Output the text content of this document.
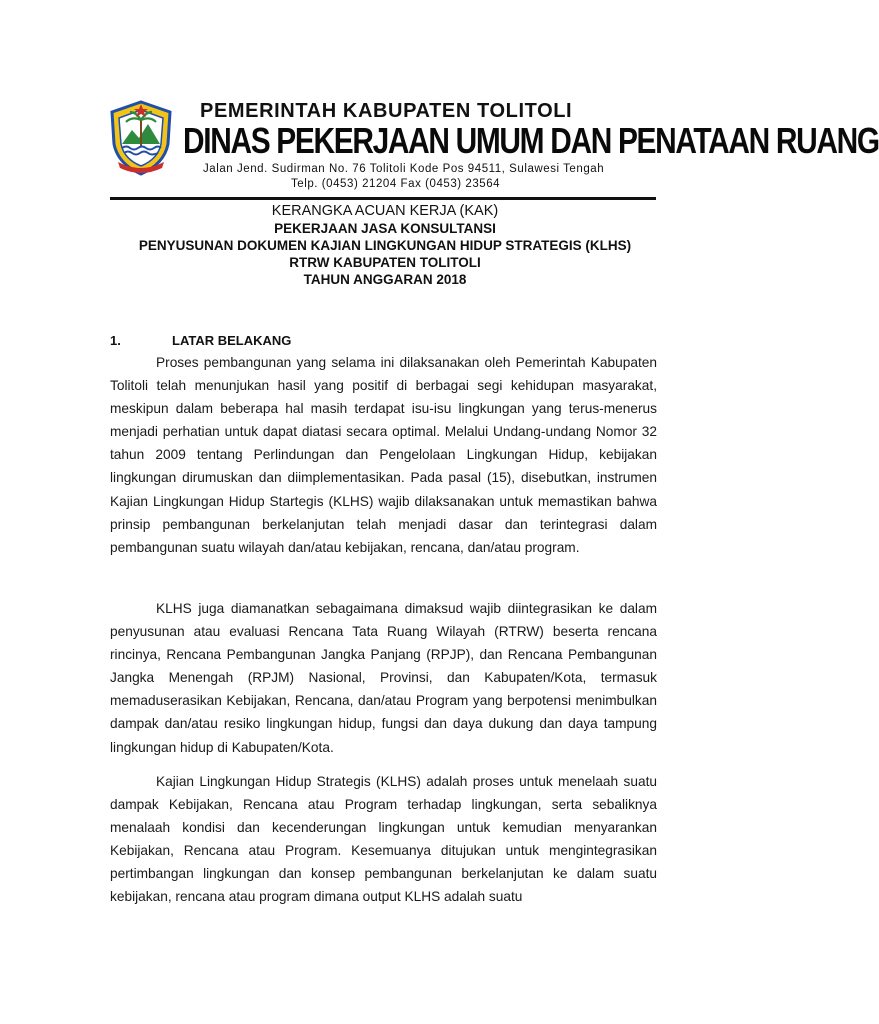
PEMERINTAH KABUPATEN TOLITOLI
DINAS PEKERJAAN UMUM DAN PENATAAN RUANG
Jalan Jend. Sudirman No. 76 Tolitoli Kode Pos 94511, Sulawesi Tengah
Telp. (0453) 21204 Fax (0453) 23564
KERANGKA ACUAN KERJA (KAK)
PEKERJAAN JASA KONSULTANSI
PENYUSUNAN DOKUMEN KAJIAN LINGKUNGAN HIDUP STRATEGIS (KLHS)
RTRW KABUPATEN TOLITOLI
TAHUN ANGGARAN 2018
1.	LATAR BELAKANG
Proses pembangunan yang selama ini dilaksanakan oleh Pemerintah Kabupaten Tolitoli telah menunjukan hasil yang positif di berbagai segi kehidupan masyarakat, meskipun dalam beberapa hal masih terdapat isu-isu lingkungan yang terus-menerus menjadi perhatian untuk dapat diatasi secara optimal. Melalui Undang-undang Nomor 32 tahun 2009 tentang Perlindungan dan Pengelolaan Lingkungan Hidup, kebijakan lingkungan dirumuskan dan diimplementasikan. Pada pasal (15), disebutkan, instrumen Kajian Lingkungan Hidup Startegis (KLHS) wajib dilaksanakan untuk memastikan bahwa prinsip pembangunan berkelanjutan telah menjadi dasar dan terintegrasi dalam pembangunan suatu wilayah dan/atau kebijakan, rencana, dan/atau program.
KLHS juga diamanatkan sebagaimana dimaksud wajib diintegrasikan ke dalam penyusunan atau evaluasi Rencana Tata Ruang Wilayah (RTRW) beserta rencana rincinya, Rencana Pembangunan Jangka Panjang (RPJP), dan Rencana Pembangunan Jangka Menengah (RPJM) Nasional, Provinsi, dan Kabupaten/Kota, termasuk memaduserasikan Kebijakan, Rencana, dan/atau Program yang berpotensi menimbulkan dampak dan/atau resiko lingkungan hidup, fungsi dan daya dukung dan daya tampung lingkungan hidup di Kabupaten/Kota.
Kajian Lingkungan Hidup Strategis (KLHS) adalah proses untuk menelaah suatu dampak Kebijakan, Rencana atau Program terhadap lingkungan, serta sebaliknya menalaah kondisi dan kecenderungan lingkungan untuk kemudian menyarankan Kebijakan, Rencana atau Program. Kesemuanya ditujukan untuk mengintegrasikan pertimbangan lingkungan dan konsep pembangunan berkelanjutan ke dalam suatu kebijakan, rencana atau program dimana output KLHS adalah suatu
